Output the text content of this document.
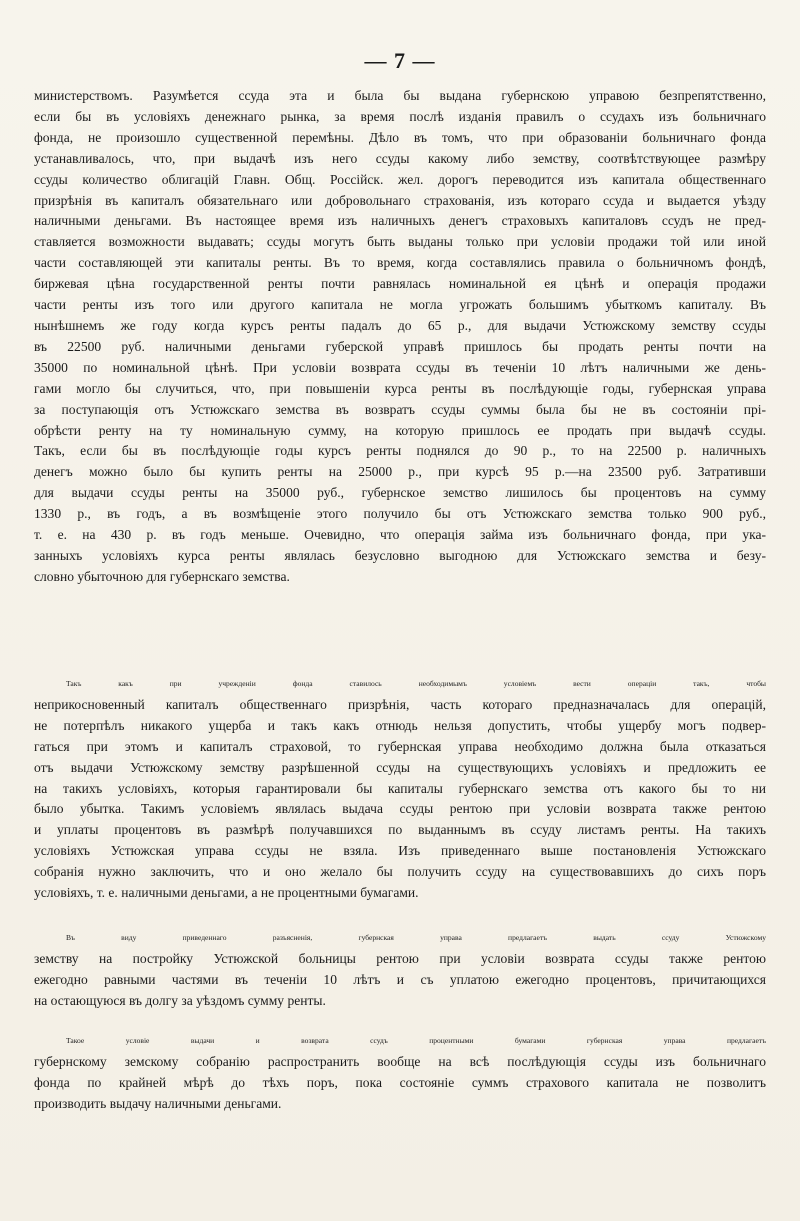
— 7 —
министерствомъ. Разумѣется ссуда эта и была бы выдана губернскою управою безпрепятственно,
если бы въ условіяхъ денежнаго рынка, за время послѣ изданія правилъ о ссудахъ изъ больничнаго
фонда, не произошло существенной перемѣны. Дѣло въ томъ, что при образованіи больничнаго фонда
устанавливалось, что, при выдачѣ изъ него ссуды какому либо земству, соотвѣтствующее размѣру
ссуды количество облигацій Главн. Общ. Россійск. жел. дорогъ переводится изъ капитала общественнаго
призрѣнія въ капиталъ обязательнаго или добровольнаго страхованія, изъ котораго ссуда и выдается уѣзду
наличными деньгами. Въ настоящее время изъ наличныхъ денегъ страховыхъ капиталовъ ссудъ не пред-
ставляется возможности выдавать; ссуды могутъ быть выданы только при условіи продажи той или иной
части составляющей эти капиталы ренты. Въ то время, когда составлялись правила о больничномъ фондѣ,
биржевая цѣна государственной ренты почти равнялась номинальной ея цѣнѣ и операція продажи
части ренты изъ того или другого капитала не могла угрожать большимъ убыткомъ капиталу. Въ
нынѣшнемъ же году когда курсъ ренты падалъ до 65 р., для выдачи Устюжскому земству ссуды
въ 22500 руб. наличными деньгами губерской управѣ пришлось бы продать ренты почти на
35000 по номинальной цѣнѣ. При условіи возврата ссуды въ теченіи 10 лѣтъ наличными же день-
гами могло бы случиться, что, при повышеніи курса ренты въ послѣдующіе годы, губернская управа
за поступающія отъ Устюжскаго земства въ возвратъ ссуды суммы была бы не въ состояніи прі-
обрѣсти ренту на ту номинальную сумму, на которую пришлось ее продать при выдачѣ ссуды.
Такъ, если бы въ послѣдующіе годы курсъ ренты поднялся до 90 р., то на 22500 р. наличныхъ
денегъ можно было бы купить ренты на 25000 р., при курсѣ 95 р.—на 23500 руб. Затративши
для выдачи ссуды ренты на 35000 руб., губернское земство лишилось бы процентовъ на сумму
1330 р., въ годъ, а въ возмѣщеніе этого получило бы отъ Устюжскаго земства только 900 руб.,
т. е. на 430 р. въ годъ меньше. Очевидно, что операція займа изъ больничнаго фонда, при ука-
занныхъ условіяхъ курса ренты являлась безусловно выгодною для Устюжскаго земства и безу-
словно убыточною для губернскаго земства.
Такъ какъ при учрежденіи фонда ставилось необходимымъ условіемъ вести операціи такъ, чтобы
неприкосновенный капиталъ общественнаго призрѣнія, часть котораго предназначалась для операцій,
не потерпѣлъ никакого ущерба и такъ какъ отнюдь нельзя допустить, чтобы ущербу могъ подвер-
гаться при этомъ и капиталъ страховой, то губернская управа необходимо должна была отказаться
отъ выдачи Устюжскому земству разрѣшенной ссуды на существующихъ условіяхъ и предложить ее
на такихъ условіяхъ, которыя гарантировали бы капиталы губернскаго земства отъ какого бы то ни
было убытка. Такимъ условіемъ являлась выдача ссуды рентою при условіи возврата также рентою
и уплаты процентовъ въ размѣрѣ получавшихся по выданнымъ въ ссуду листамъ ренты. На такихъ
условіяхъ Устюжская управа ссуды не взяла. Изъ приведеннаго выше постановленія Устюжскаго
собранія нужно заключить, что и оно желало бы получить ссуду на существовавшихъ до сихъ поръ
условіяхъ, т. е. наличными деньгами, а не процентными бумагами.
Въ виду приведеннаго разъясненія, губернская управа предлагаетъ выдать ссуду Устюжскому
земству на постройку Устюжской больницы рентою при условіи возврата ссуды также рентою
ежегодно равными частями въ теченіи 10 лѣтъ и съ уплатою ежегодно процентовъ, причитающихся
на остающуюся въ долгу за уѣздомъ сумму ренты.
Такое условіе выдачи и возврата ссудъ процентными бумагами губернская управа предлагаетъ
губернскому земскому собранію распространить вообще на всѣ послѣдующія ссуды изъ больничнаго
фонда по крайней мѣрѣ до тѣхъ поръ, пока состояніе суммъ страхового капитала не позволитъ
производить выдачу наличными деньгами.
